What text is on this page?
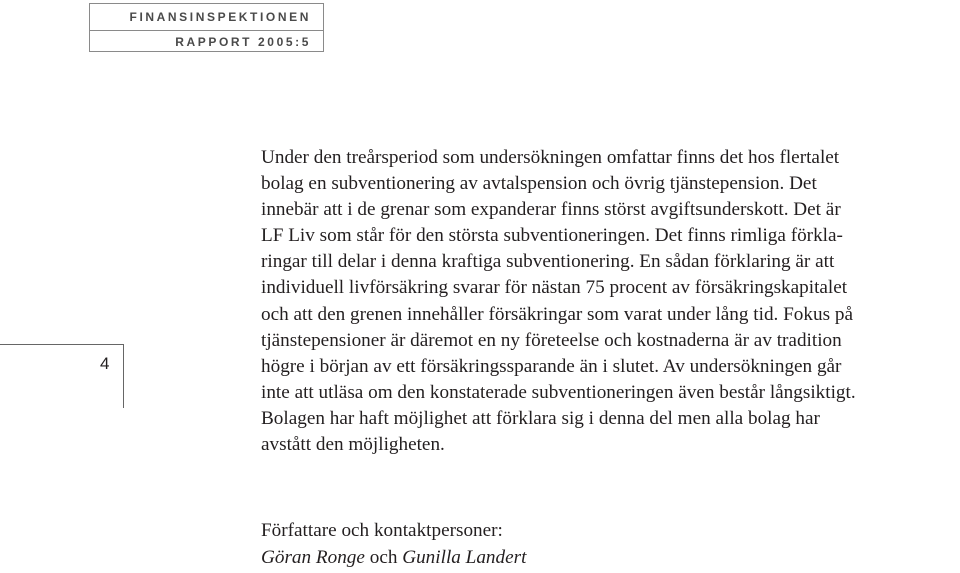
FINANSINSPEKTIONEN
RAPPORT 2005:5
4
Under den treårsperiod som undersökningen omfattar finns det hos flertalet
bolag en subventionering av avtalspension och övrig tjänstepension. Det
innebär att i de grenar som expanderar finns störst avgiftsunderskott. Det är
LF Liv som står för den största subventioneringen. Det finns rimliga förkla-
ringar till delar i denna kraftiga subventionering. En sådan förklaring är att
individuell livförsäkring svarar för nästan 75 procent av försäkringskapitalet
och att den grenen innehåller försäkringar som varat under lång tid. Fokus på
tjänstepensioner är däremot en ny företeelse och kostnaderna är av tradition
högre i början av ett försäkringssparande än i slutet. Av undersökningen går
inte att utläsa om den konstaterade subventioneringen även består långsiktigt.
Bolagen har haft möjlighet att förklara sig i denna del men alla bolag har
avstått den möjligheten.
Författare och kontaktpersoner:
Göran Ronge och Gunilla Landert
